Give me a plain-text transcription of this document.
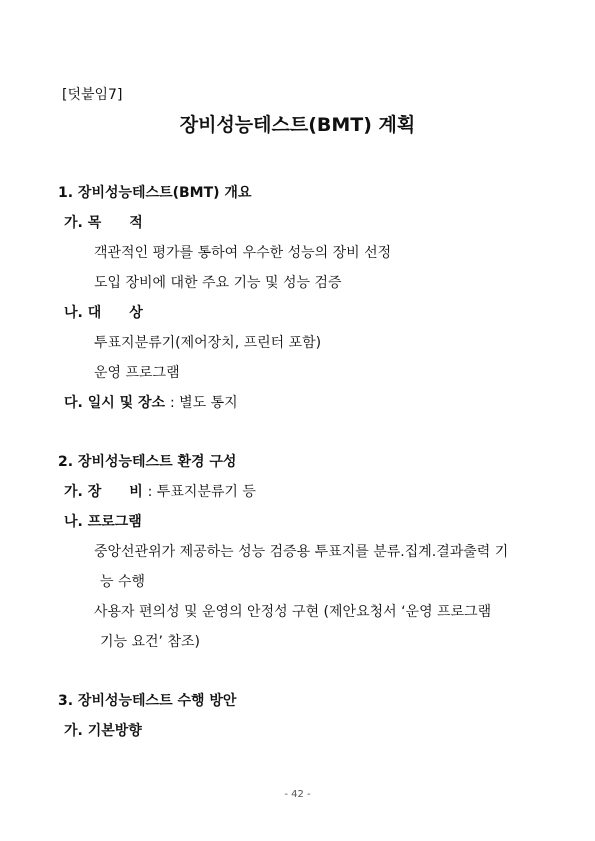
[덧붙임7]
장비성능테스트(BMT) 계획
1. 장비성능테스트(BMT) 개요
가. 목　　적
객관적인 평가를 통하여 우수한 성능의 장비 선정
도입 장비에 대한 주요 기능 및 성능 검증
나. 대　　상
투표지분류기(제어장치, 프린터 포함)
운영 프로그램
다. 일시 및 장소 : 별도 통지
2. 장비성능테스트 환경 구성
가. 장　　비 : 투표지분류기 등
나. 프로그램
중앙선관위가 제공하는 성능 검증용 투표지를 분류.집계.결과출력 기
능 수행
사용자 편의성 및 운영의 안정성 구현 (제안요청서 ‘운영 프로그램
기능 요건’ 참조)
3. 장비성능테스트 수행 방안
가. 기본방향
- 42 -
